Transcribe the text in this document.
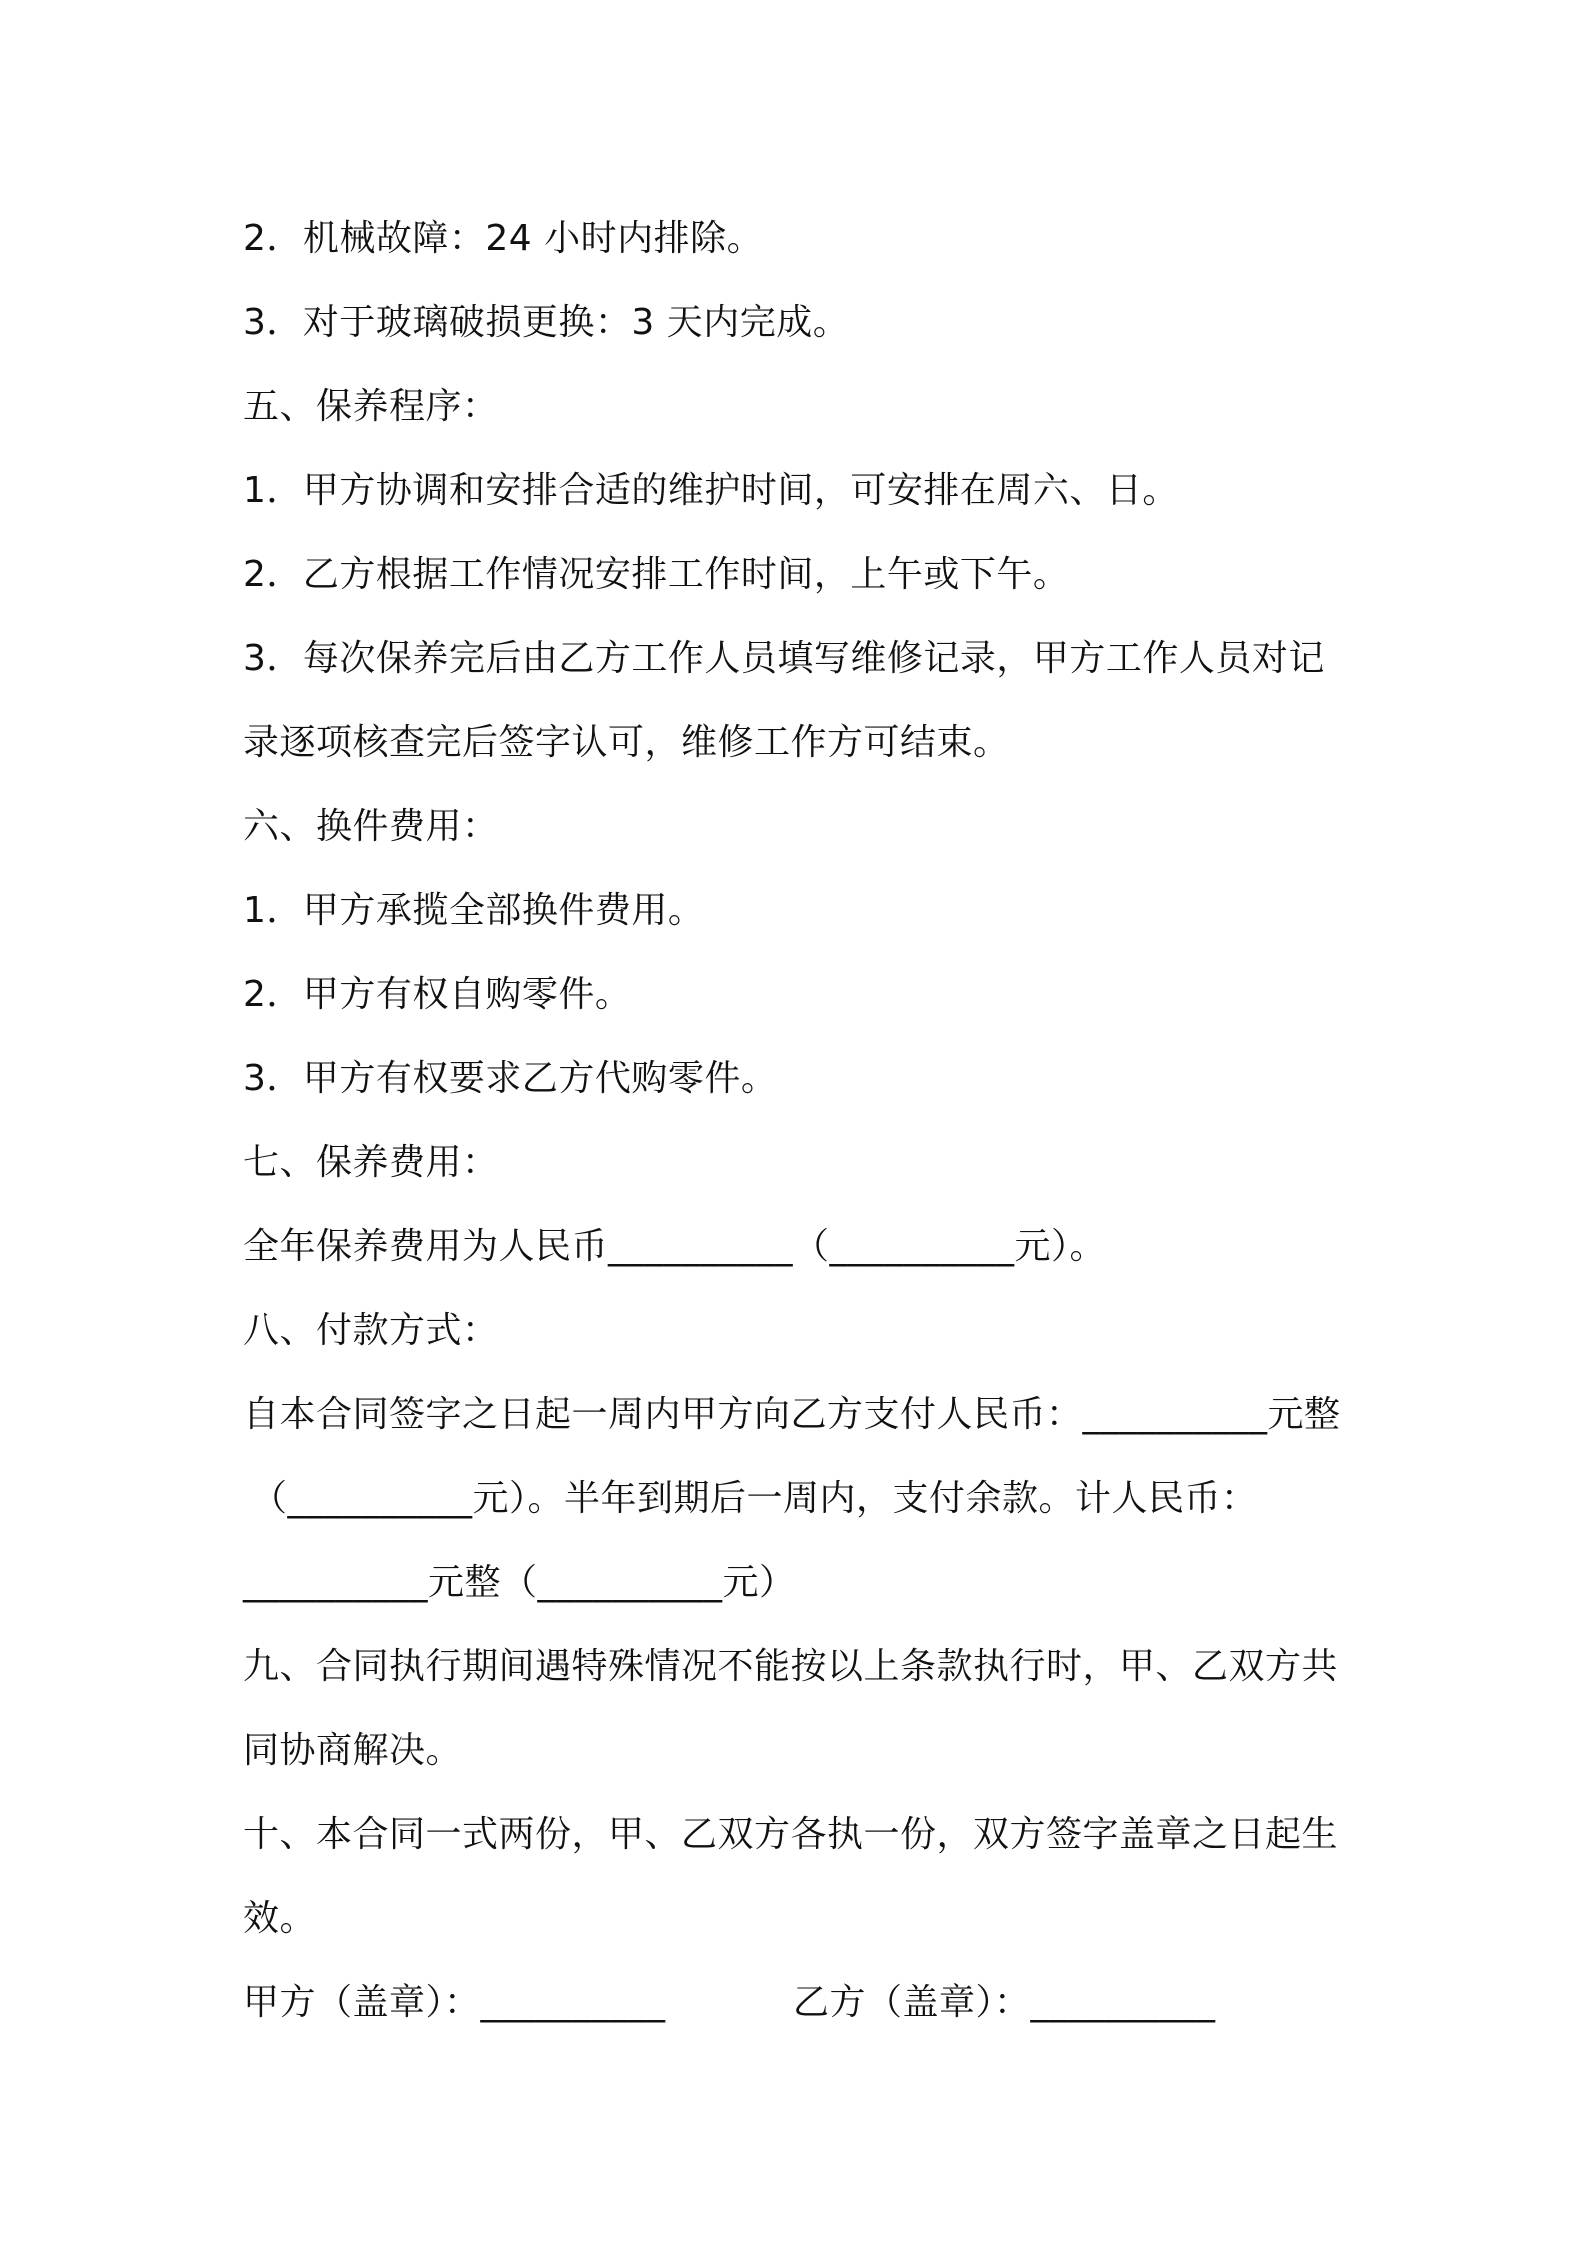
2．机械故障：24 小时内排除。
3．对于玻璃破损更换：3 天内完成。
五、保养程序：
1．甲方协调和安排合适的维护时间，可安排在周六、日。
2．乙方根据工作情况安排工作时间，上午或下午。
3．每次保养完后由乙方工作人员填写维修记录，甲方工作人员对记
录逐项核查完后签字认可，维修工作方可结束。
六、换件费用：
1．甲方承揽全部换件费用。
2．甲方有权自购零件。
3．甲方有权要求乙方代购零件。
七、保养费用：
全年保养费用为人民币__________（__________元）。
八、付款方式：
自本合同签字之日起一周内甲方向乙方支付人民币：__________元整
（__________元）。半年到期后一周内，支付余款。计人民币：
__________元整（__________元）
九、合同执行期间遇特殊情况不能按以上条款执行时，甲、乙双方共
同协商解决。
十、本合同一式两份，甲、乙双方各执一份，双方签字盖章之日起生
效。
甲方（盖章）：__________	乙方（盖章）：__________
